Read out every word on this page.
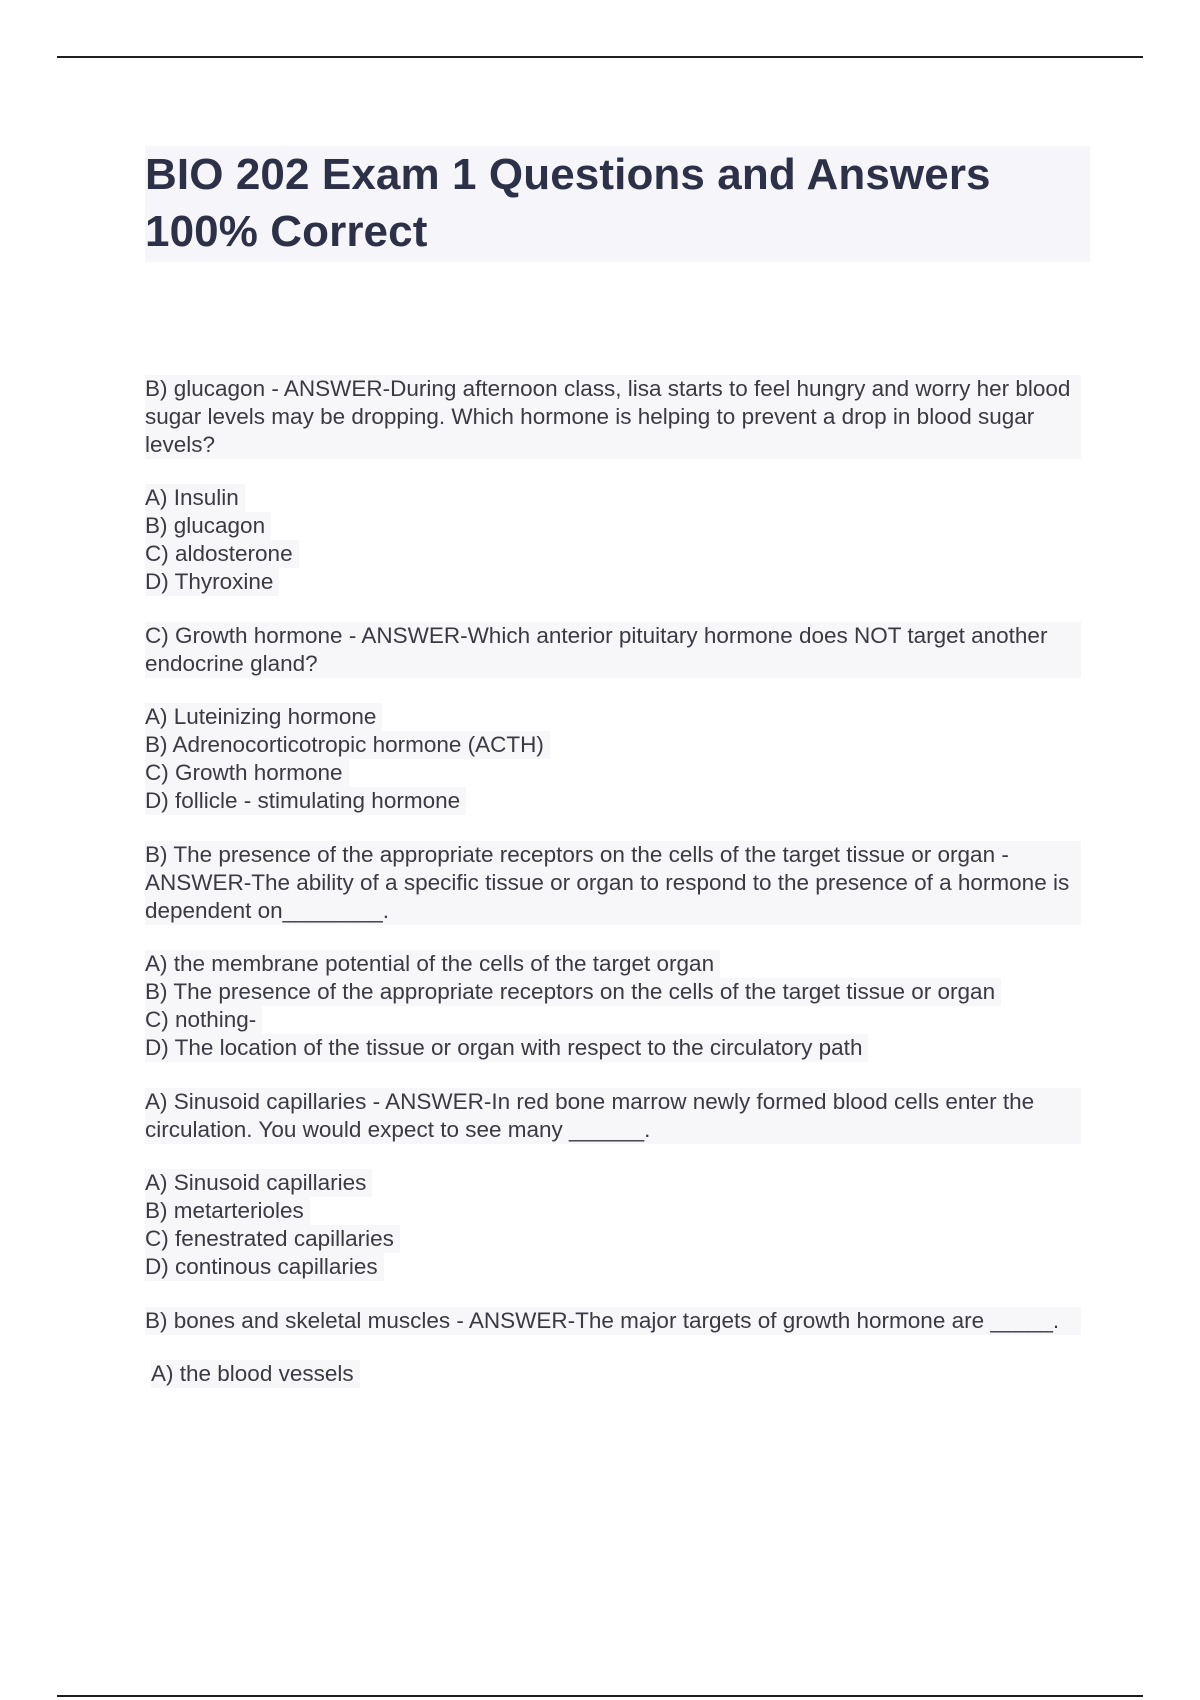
BIO 202 Exam 1 Questions and Answers 100% Correct
B) glucagon - ANSWER-During afternoon class, lisa starts to feel hungry and worry her blood sugar levels may be dropping. Which hormone is helping to prevent a drop in blood sugar levels?
A) Insulin
B) glucagon
C) aldosterone
D) Thyroxine
C) Growth hormone - ANSWER-Which anterior pituitary hormone does NOT target another endocrine gland?
A) Luteinizing hormone
B) Adrenocorticotropic hormone (ACTH)
C) Growth hormone
D) follicle - stimulating hormone
B) The presence of the appropriate receptors on the cells of the target tissue or organ - ANSWER-The ability of a specific tissue or organ to respond to the presence of a hormone is dependent on________.
A) the membrane potential of the cells of the target organ
B) The presence of the appropriate receptors on the cells of the target tissue or organ
C) nothing-
D) The location of the tissue or organ with respect to the circulatory path
A) Sinusoid capillaries - ANSWER-In red bone marrow newly formed blood cells enter the circulation. You would expect to see many ______.
A) Sinusoid capillaries
B) metarterioles
C) fenestrated capillaries
D) continous capillaries
B) bones and skeletal muscles - ANSWER-The major targets of growth hormone are _____.
A) the blood vessels
